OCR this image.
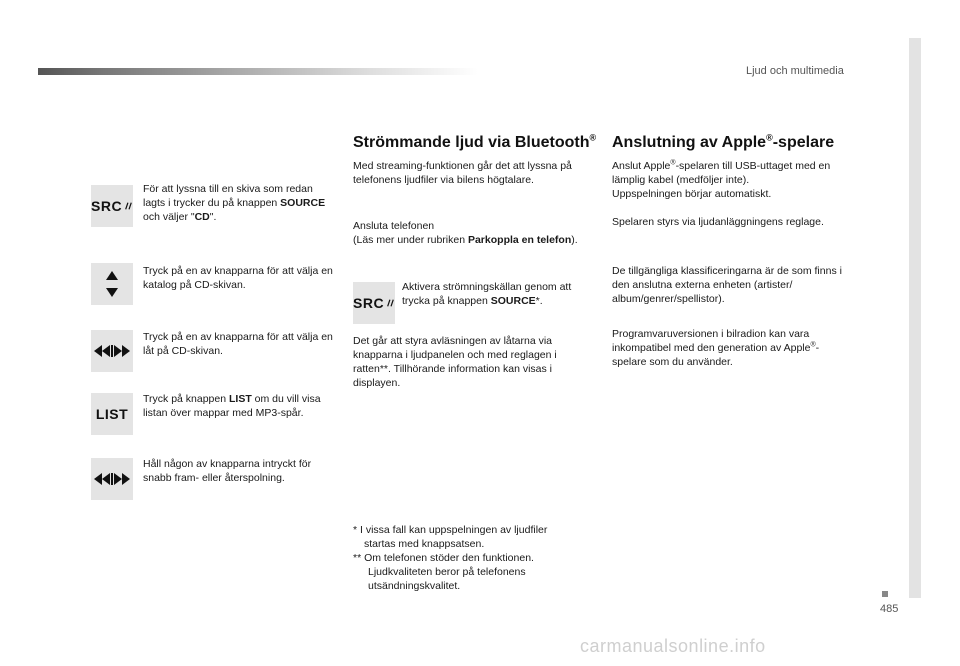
Ljud och multimedia
485
SRC

För att lyssna till en skiva som redan lagts i trycker du på knappen SOURCE och väljer "CD".

Tryck på en av knapparna för att välja en katalog på CD-skivan.

Tryck på en av knapparna för att välja en låt på CD-skivan.

LIST

Tryck på knappen LIST om du vill visa listan över mappar med MP3-spår.

Håll någon av knapparna intryckt för snabb fram- eller återspolning.

Strömmande ljud via Bluetooth®

Med streaming-funktionen går det att lyssna på telefonens ljudfiler via bilens högtalare.

Ansluta telefonen
(Läs mer under rubriken Parkoppla en telefon).

SRC

Aktivera strömningskällan genom att trycka på knappen SOURCE*.

Det går att styra avläsningen av låtarna via knapparna i ljudpanelen och med reglagen i ratten**. Tillhörande information kan visas i displayen.

* I vissa fall kan uppspelningen av ljudfiler
startas med knappsatsen.
** Om telefonen stöder den funktionen.
Ljudkvaliteten beror på telefonens
utsändningskvalitet.
Anslutning av Apple®-spelare

Anslut Apple®-spelaren till USB-uttaget med en lämplig kabel (medföljer inte).
Uppspelningen börjar automatiskt.

Spelaren styrs via ljudanläggningens reglage.

De tillgängliga klassificeringarna är de som finns i den anslutna externa enheten (artister/ album/genrer/spellistor).

Programvaruversionen i bilradion kan vara inkompatibel med den generation av Apple®-spelare som du använder.

carmanualsonline.info
